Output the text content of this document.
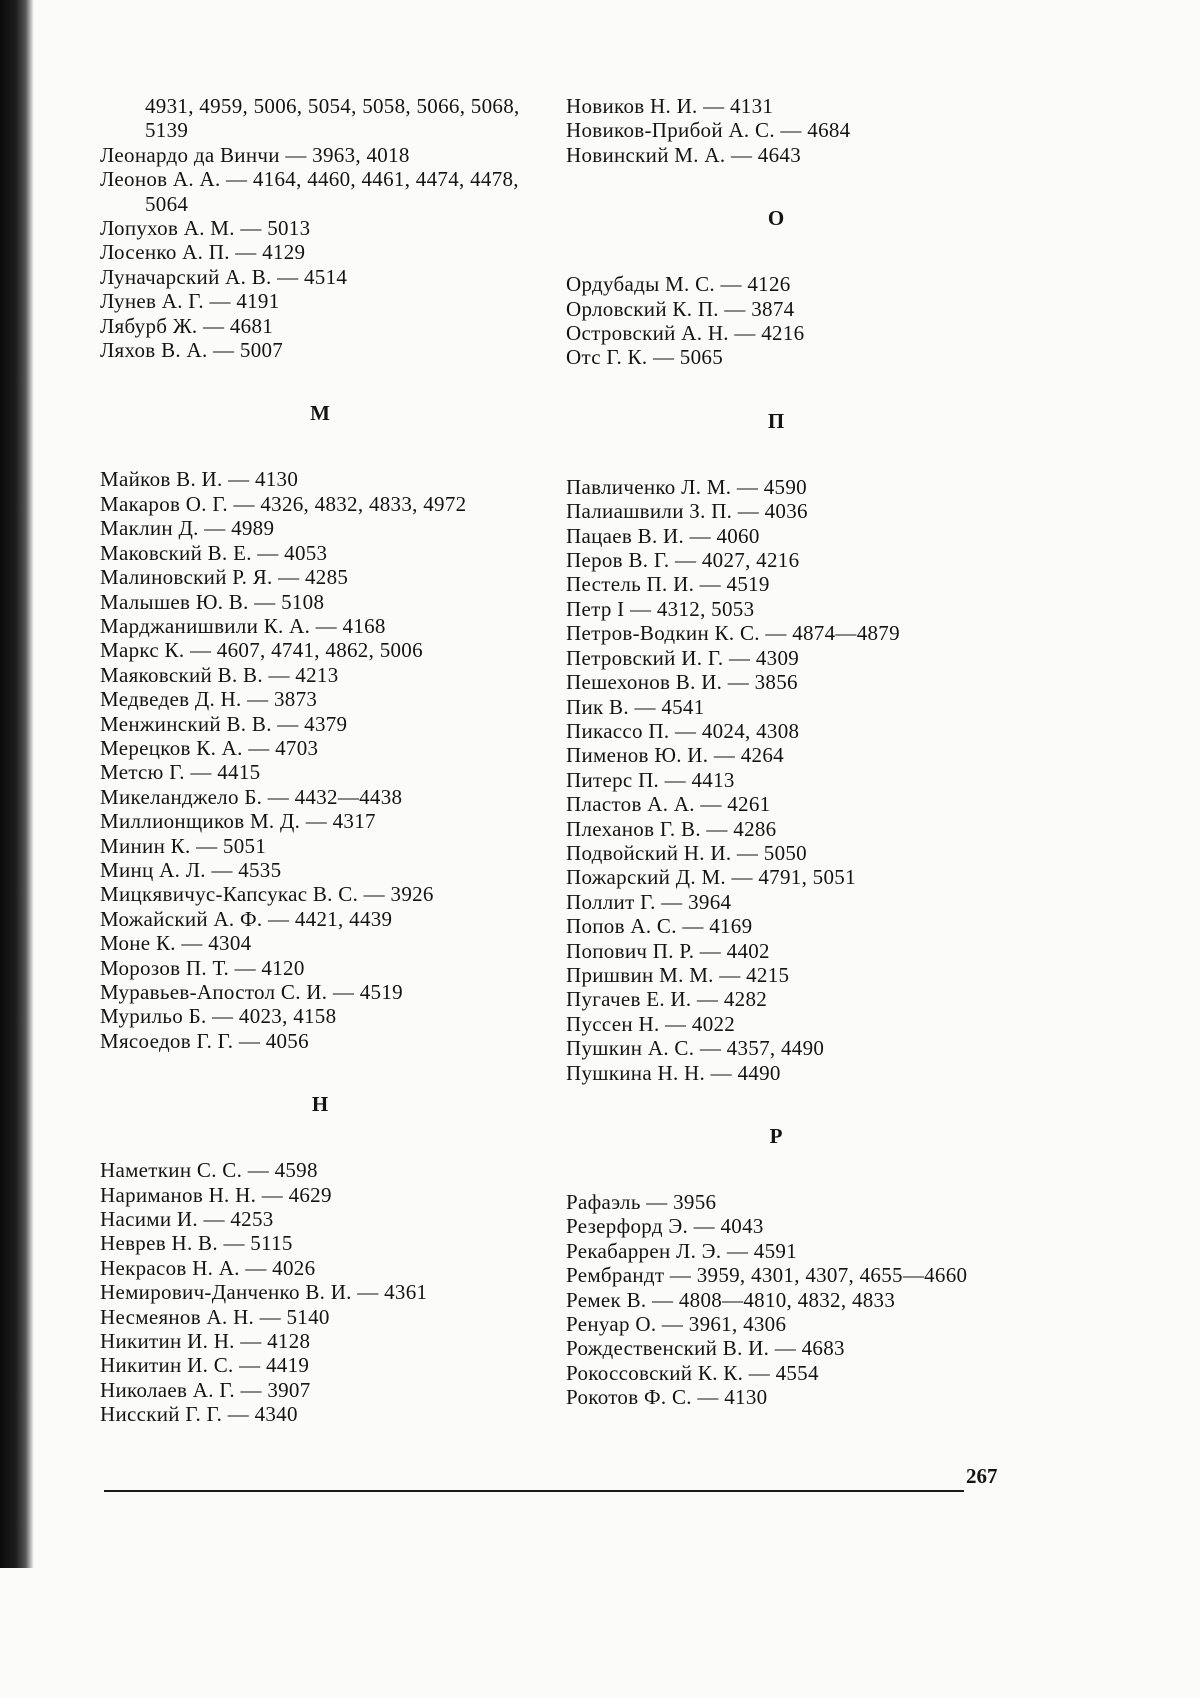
4931, 4959, 5006, 5054, 5058, 5066, 5068, 5139
Леонардо да Винчи — 3963, 4018
Леонов А. А. — 4164, 4460, 4461, 4474, 4478, 5064
Лопухов А. М. — 5013
Лосенко А. П. — 4129
Луначарский А. В. — 4514
Лунев А. Г. — 4191
Лябурб Ж. — 4681
Ляхов В. А. — 5007
М
Майков В. И. — 4130
Макаров О. Г. — 4326, 4832, 4833, 4972
Маклин Д. — 4989
Маковский В. Е. — 4053
Малиновский Р. Я. — 4285
Малышев Ю. В. — 5108
Марджанишвили К. А. — 4168
Маркс К. — 4607, 4741, 4862, 5006
Маяковский В. В. — 4213
Медведев Д. Н. — 3873
Менжинский В. В. — 4379
Мерецков К. А. — 4703
Метсю Г. — 4415
Микеланджело Б. — 4432—4438
Миллионщиков М. Д. — 4317
Минин К. — 5051
Минц А. Л. — 4535
Мицкявичус-Капсукас В. С. — 3926
Можайский А. Ф. — 4421, 4439
Моне К. — 4304
Морозов П. Т. — 4120
Муравьев-Апостол С. И. — 4519
Мурильо Б. — 4023, 4158
Мясоедов Г. Г. — 4056
Н
Наметкин С. С. — 4598
Нариманов Н. Н. — 4629
Насими И. — 4253
Неврев Н. В. — 5115
Некрасов Н. А. — 4026
Немирович-Данченко В. И. — 4361
Несмеянов А. Н. — 5140
Никитин И. Н. — 4128
Никитин И. С. — 4419
Николаев А. Г. — 3907
Нисский Г. Г. — 4340
Новиков Н. И. — 4131
Новиков-Прибой А. С. — 4684
Новинский М. А. — 4643
О
Ордубады М. С. — 4126
Орловский К. П. — 3874
Островский А. Н. — 4216
Отс Г. К. — 5065
П
Павличенко Л. М. — 4590
Палиашвили З. П. — 4036
Пацаев В. И. — 4060
Перов В. Г. — 4027, 4216
Пестель П. И. — 4519
Петр I — 4312, 5053
Петров-Водкин К. С. — 4874—4879
Петровский И. Г. — 4309
Пешехонов В. И. — 3856
Пик В. — 4541
Пикассо П. — 4024, 4308
Пименов Ю. И. — 4264
Питерс П. — 4413
Пластов А. А. — 4261
Плеханов Г. В. — 4286
Подвойский Н. И. — 5050
Пожарский Д. М. — 4791, 5051
Поллит Г. — 3964
Попов А. С. — 4169
Попович П. Р. — 4402
Пришвин М. М. — 4215
Пугачев Е. И. — 4282
Пуссен Н. — 4022
Пушкин А. С. — 4357, 4490
Пушкина Н. Н. — 4490
Р
Рафаэль — 3956
Резерфорд Э. — 4043
Рекабаррен Л. Э. — 4591
Рембрандт — 3959, 4301, 4307, 4655—4660
Ремек В. — 4808—4810, 4832, 4833
Ренуар О. — 3961, 4306
Рождественский В. И. — 4683
Рокоссовский К. К. — 4554
Рокотов Ф. С. — 4130
267
